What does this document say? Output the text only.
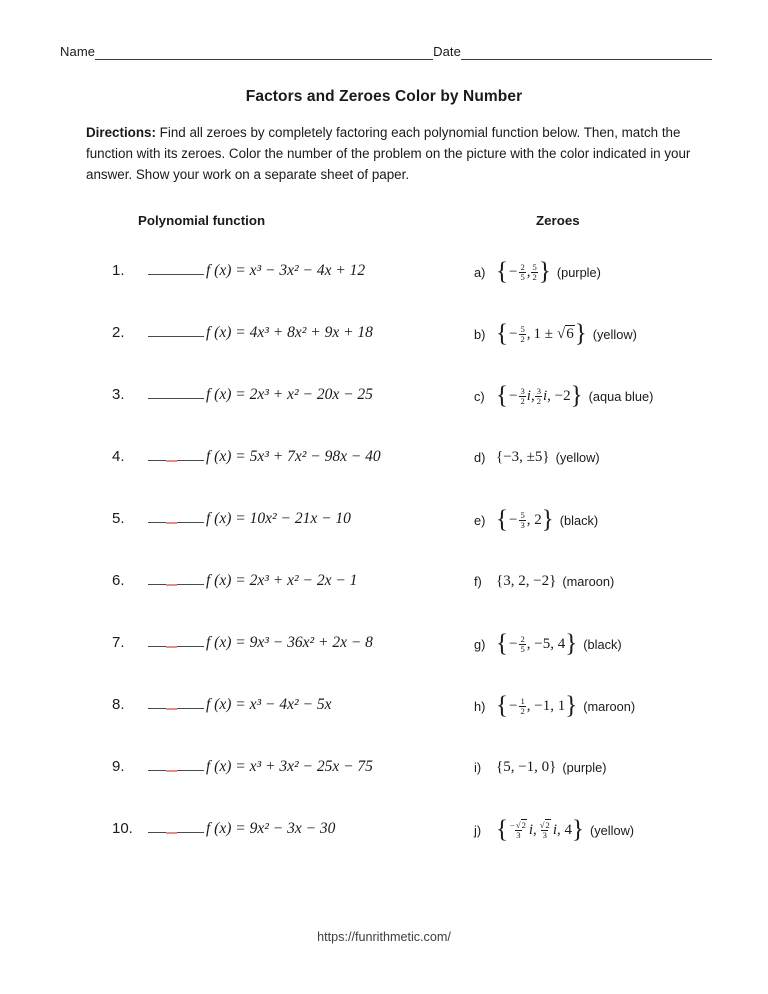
Name	Date
Factors and Zeroes Color by Number
Directions: Find all zeroes by completely factoring each polynomial function below. Then, match the function with its zeroes. Color the number of the problem on the picture with the color indicated in your answer. Show your work on a separate sheet of paper.
Polynomial function	Zeroes
1.	f (x) = x³ − 3x² − 4x + 12	a) { − $\frac{2}{5}$ , $\frac{5}{2}$ } (purple)
2.	f (x) = 4x³ + 8x² + 9x + 18	b) { − $\frac{5}{2}$ , 1 ±  √6 } (yellow)
3.	f (x) = 2x³ + x² − 20x − 25	c) { − $\frac{3}{2}$ i , $\frac{3}{2}$ i , −2 } (aqua blue)
4.	f (x) = 5x³ + 7x² − 98x − 40	d) {−3, ±5} (yellow)
5.	f (x) = 10x² − 21x − 10	e) { − $\frac{5}{3}$ , 2 } (black)
6.	f (x) = 2x³ + x² − 2x − 1	f) {3, 2, −2} (maroon)
7.	f (x) = 9x³ − 36x² + 2x − 8	g) { − $\frac{2}{5}$ , −5, 4 } (black)
8.	f (x) = x³ − 4x² − 5x	h) { − $\frac{1}{2}$ , −1, 1 } (maroon)
9.	f (x) = x³ + 3x² − 25x − 75	i) {5, −1, 0} (purple)
10.	f (x) = 9x² − 3x − 30	j) { $\frac{-√2}{3}$ i , $\frac{√2}{3}$ i , 4 } (yellow)
https://funrithmetic.com/
